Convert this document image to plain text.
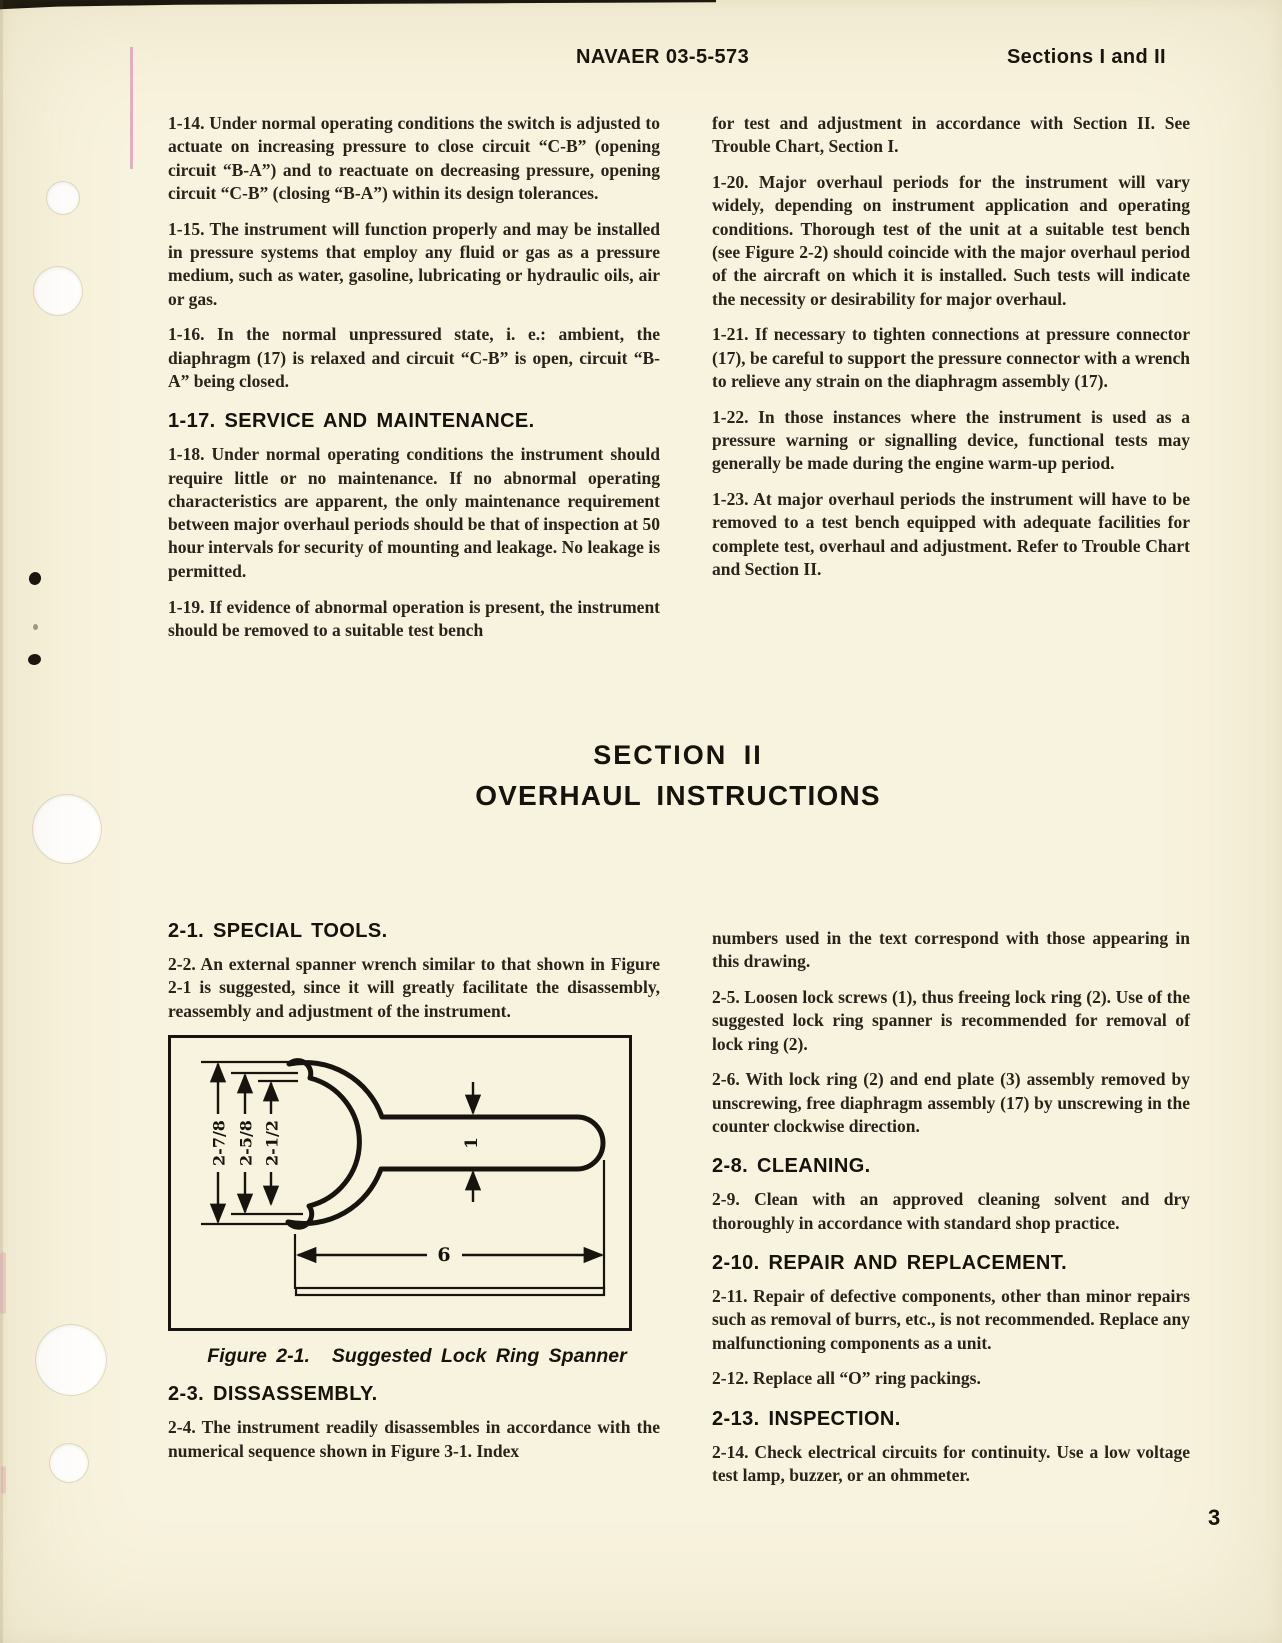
NAVAER 03-5-573	Sections I and II

1-14. Under normal operating conditions the switch is adjusted to actuate on increasing pressure to close circuit “C-B” (opening circuit “B-A”) and to reactuate on decreasing pressure, opening circuit “C-B” (closing “B-A”) within its design tolerances.

1-15. The instrument will function properly and may be installed in pressure systems that employ any fluid or gas as a pressure medium, such as water, gasoline, lubricating or hydraulic oils, air or gas.

1-16. In the normal unpressured state, i. e.: ambient, the diaphragm (17) is relaxed and circuit “C-B” is open, circuit “B-A” being closed.

1-17. SERVICE AND MAINTENANCE.

1-18. Under normal operating conditions the instrument should require little or no maintenance. If no abnormal operating characteristics are apparent, the only maintenance requirement between major overhaul periods should be that of inspection at 50 hour intervals for security of mounting and leakage. No leakage is permitted.

1-19. If evidence of abnormal operation is present, the instrument should be removed to a suitable test bench

for test and adjustment in accordance with Section II. See Trouble Chart, Section I.

1-20. Major overhaul periods for the instrument will vary widely, depending on instrument application and operating conditions. Thorough test of the unit at a suitable test bench (see Figure 2-2) should coincide with the major overhaul period of the aircraft on which it is installed. Such tests will indicate the necessity or desirability for major overhaul.

1-21. If necessary to tighten connections at pressure connector (17), be careful to support the pressure connector with a wrench to relieve any strain on the diaphragm assembly (17).

1-22. In those instances where the instrument is used as a pressure warning or signalling device, functional tests may generally be made during the engine warm-up period.

1-23. At major overhaul periods the instrument will have to be removed to a test bench equipped with adequate facilities for complete test, overhaul and adjustment. Refer to Trouble Chart and Section II.

SECTION II
OVERHAUL INSTRUCTIONS
2-1. SPECIAL TOOLS.

2-2. An external spanner wrench similar to that shown in Figure 2-1 is suggested, since it will greatly facilitate the disassembly, reassembly and adjustment of the instrument.

2-7/8 2-5/8 2-1/2	1
6
Figure 2-1. Suggested Lock Ring Spanner
2-3. DISSASSEMBLY.

2-4. The instrument readily disassembles in accordance with the numerical sequence shown in Figure 3-1. Index

numbers used in the text correspond with those appearing in this drawing.

2-5. Loosen lock screws (1), thus freeing lock ring (2). Use of the suggested lock ring spanner is recommended for removal of lock ring (2).

2-6. With lock ring (2) and end plate (3) assembly removed by unscrewing, free diaphragm assembly (17) by unscrewing in the counter clockwise direction.

2-8. CLEANING.

2-9. Clean with an approved cleaning solvent and dry thoroughly in accordance with standard shop practice.

2-10. REPAIR AND REPLACEMENT.

2-11. Repair of defective components, other than minor repairs such as removal of burrs, etc., is not recommended. Replace any malfunctioning components as a unit.

2-12. Replace all “O” ring packings.

2-13. INSPECTION.

2-14. Check electrical circuits for continuity. Use a low voltage test lamp, buzzer, or an ohmmeter.

3
